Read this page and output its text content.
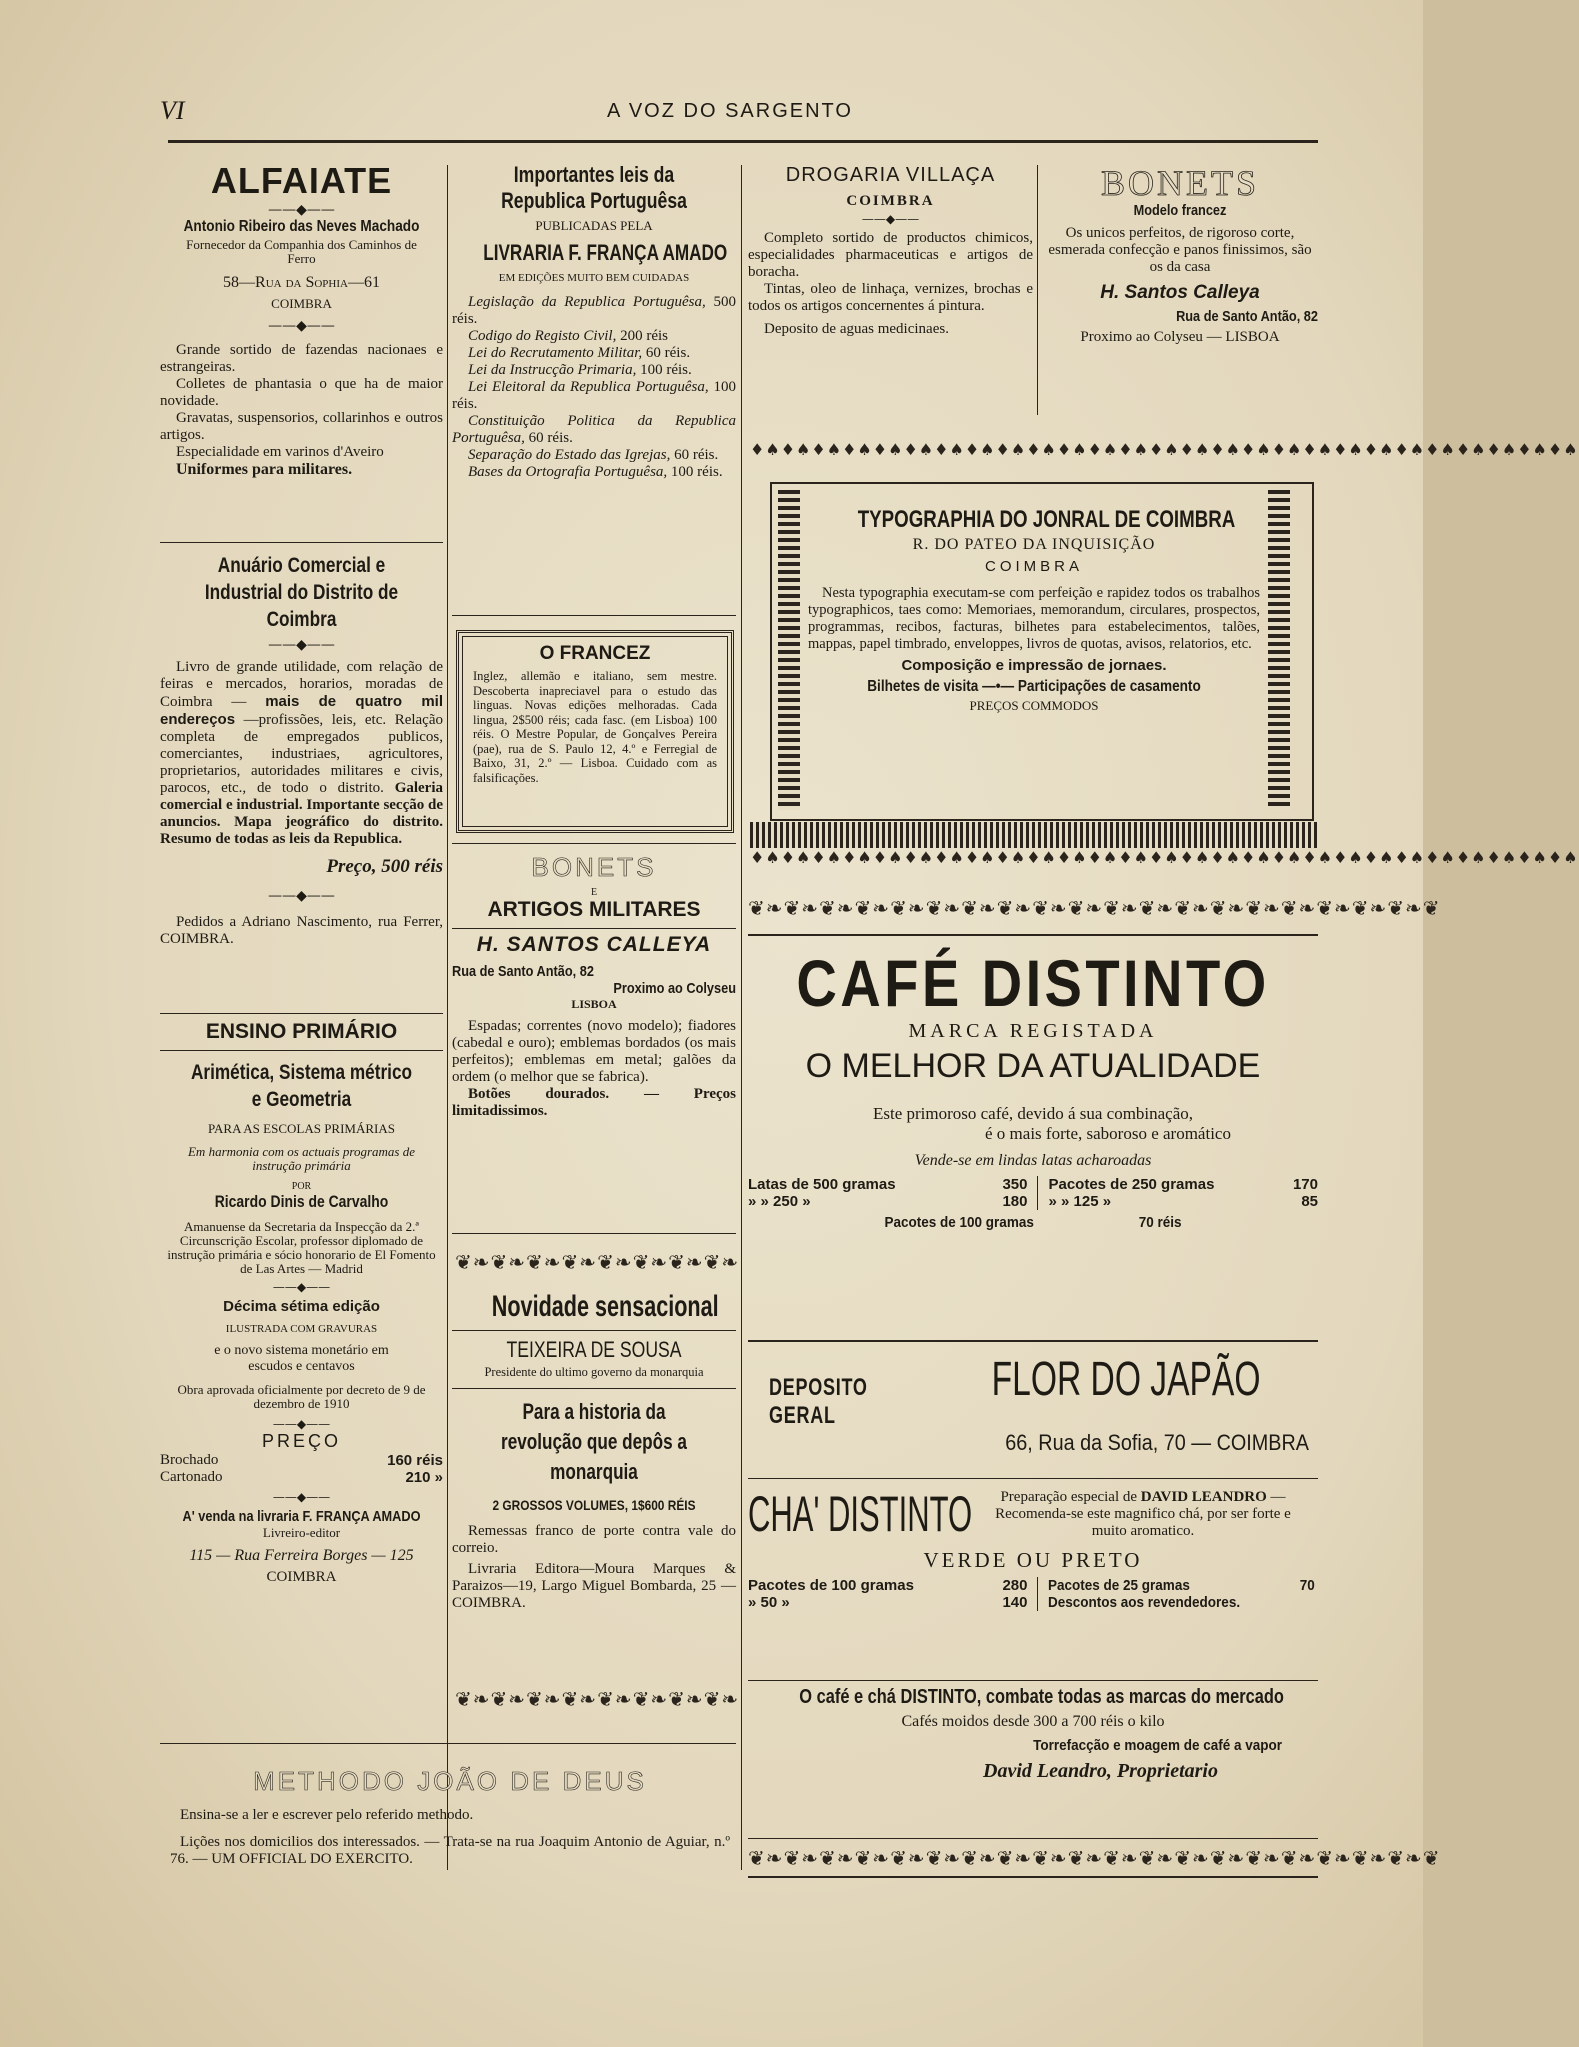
VI	A VOZ DO SARGENTO
ALFAIATE
——◆——
Antonio Ribeiro das Neves Machado
Fornecedor da Companhia dos Caminhos de Ferro
58—Rua da Sophia—61
COIMBRA
——◆——

Grande sortido de fazendas nacionaes e estrangeiras.

Colletes de phantasia o que ha de maior novidade.

Gravatas, suspensorios, collarinhos e outros artigos.

Especialidade em varinos d'Aveiro

Uniformes para militares.

Anuário Comercial e Industrial do Distrito de Coimbra
——◆——

Livro de grande utilidade, com relação de feiras e mercados, horarios, moradas de Coimbra — mais de quatro mil endereços —profissões, leis, etc. Relação completa de empregados publicos, comerciantes, industriaes, agricultores, proprietarios, autoridades militares e civis, parocos, etc., de todo o distrito. Galeria comercial e industrial. Importante secção de anuncios. Mapa jeográfico do distrito. Resumo de todas as leis da Republica.

Preço, 500 réis
——◆——

Pedidos a Adriano Nascimento, rua Ferrer, COIMBRA.

ENSINO PRIMÁRIO
Arimética, Sistema métrico e Geometria
PARA AS ESCOLAS PRIMÁRIAS
Em harmonia com os actuais programas de instrução primária
POR
Ricardo Dinis de Carvalho
Amanuense da Secretaria da Inspecção da 2.ª Circunscrição Escolar, professor diplomado de instrução primária e sócio honorario de El Fomento de Las Artes — Madrid
——◆——
Décima sétima edição
ILUSTRADA COM GRAVURAS
e o novo sistema monetário em escudos e centavos
Obra aprovada oficialmente por decreto de 9 de dezembro de 1910
——◆——
PREÇO
Brochado	160 réis
Cartonado	210 »
——◆——
A' venda na livraria F. FRANÇA AMADO
Livreiro-editor
115 — Rua Ferreira Borges — 125
COIMBRA
Importantes leis da Republica Portuguêsa
PUBLICADAS PELA
LIVRARIA F. FRANÇA AMADO
EM EDIÇÕES MUITO BEM CUIDADAS

Legislação da Republica Portuguêsa, 500 réis.

Codigo do Registo Civil, 200 réis

Lei do Recrutamento Militar, 60 réis.

Lei da Instrucção Primaria, 100 réis.

Lei Eleitoral da Republica Portuguêsa, 100 réis.

Constituição Politica da Republica Portuguêsa, 60 réis.

Separação do Estado das Igrejas, 60 réis.

Bases da Ortografia Portuguêsa, 100 réis.

O FRANCEZ

Inglez, allemão e italiano, sem mestre. Descoberta inapreciavel para o estudo das linguas. Novas edições melhoradas. Cada lingua, 2$500 réis; cada fasc. (em Lisboa) 100 réis. O Mestre Popular, de Gonçalves Pereira (pae), rua de S. Paulo 12, 4.º e Ferregial de Baixo, 31, 2.º — Lisboa. Cuidado com as falsificações.

BONETS
E
ARTIGOS MILITARES
H. SANTOS CALLEYA
Rua de Santo Antão, 82
Proximo ao Colyseu
LISBOA

Espadas; correntes (novo modelo); fiadores (cabedal e ouro); emblemas bordados (os mais perfeitos); emblemas em metal; galões da ordem (o melhor que se fabrica).

Botões dourados. — Preços limitadissimos.

❦❧❦❧❦❧❦❧❦❧❦❧❦❧❦❧
Novidade sensacional
TEIXEIRA DE SOUSA
Presidente do ultimo governo da monarquia
Para a historia da revolução que depôs a monarquia
2 GROSSOS VOLUMES, 1$600 RÉIS

Remessas franco de porte contra vale do correio.

Livraria Editora—Moura Marques & Paraizos—19, Largo Miguel Bombarda, 25 — COIMBRA.

❦❧❦❧❦❧❦❧❦❧❦❧❦❧❦❧
METHODO JOÃO DE DEUS

Ensina-se a ler e escrever pelo referido methodo.

Lições nos domicilios dos interessados. — Trata-se na rua Joaquim Antonio de Aguiar, n.º 76. — UM OFFICIAL DO EXERCITO.

DROGARIA VILLAÇA
COIMBRA
——◆——

Completo sortido de productos chimicos, especialidades pharmaceuticas e artigos de boracha.

Tintas, oleo de linhaça, vernizes, brochas e todos os artigos concernentes á pintura.

Deposito de aguas medicinaes.

BONETS
Modelo francez

Os unicos perfeitos, de rigoroso corte, esmerada confecção e panos finissimos, são os da casa

H. Santos Calleya
Rua de Santo Antão, 82
Proximo ao Colyseu — LISBOA
♦♠♦♠♦♠♦♠♦♠♦♠♦♠♦♠♦♠♦♠♦♠♦♠♦♠♦♠♦♠♦♠♦♠♦♠♦♠♦♠♦♠♦♠♦♠♦♠♦♠♦♠♦♠
TYPOGRAPHIA DO JONRAL DE COIMBRA
R. DO PATEO DA INQUISIÇÃO
COIMBRA

Nesta typographia executam-se com perfeição e rapidez todos os trabalhos typographicos, taes como: Memoriaes, memorandum, circulares, prospectos, programmas, recibos, facturas, bilhetes para estabelecimentos, talões, mappas, papel timbrado, enveloppes, livros de quotas, avisos, relatorios, etc.

Composição e impressão de jornaes.
Bilhetes de visita —•— Participações de casamento
PREÇOS COMMODOS
♦♠♦♠♦♠♦♠♦♠♦♠♦♠♦♠♦♠♦♠♦♠♦♠♦♠♦♠♦♠♦♠♦♠♦♠♦♠♦♠♦♠♦♠♦♠♦♠♦♠♦♠♦♠
❦❧❦❧❦❧❦❧❦❧❦❧❦❧❦❧❦❧❦❧❦❧❦❧❦❧❦❧❦❧❦❧❦❧❦❧❦❧❦
CAFÉ DISTINTO
MARCA REGISTADA
O MELHOR DA ATUALIDADE
Este primoroso café, devido á sua combinação,
é o mais forte, saboroso e aromático
Vende-se em lindas latas acharoadas
Latas de 500 gramas	350
» » 250 »	180
Pacotes de 250 gramas	170
» » 125 »	85
Pacotes de 100 gramas	70 réis
DEPOSITO GERAL
FLOR DO JAPÃO
66, Rua da Sofia, 70 — COIMBRA
CHA' DISTINTO	Preparação especial de DAVID LEANDRO — Recomenda-se este magnifico chá, por ser forte e muito aromatico.
VERDE OU PRETO
Pacotes de 100 gramas	280
» 50 »	140
Pacotes de 25 gramas	70
Descontos aos revendedores.
O café e chá DISTINTO, combate todas as marcas do mercado
Cafés moidos desde 300 a 700 réis o kilo
Torrefacção e moagem de café a vapor
David Leandro, Proprietario
❦❧❦❧❦❧❦❧❦❧❦❧❦❧❦❧❦❧❦❧❦❧❦❧❦❧❦❧❦❧❦❧❦❧❦❧❦❧❦
